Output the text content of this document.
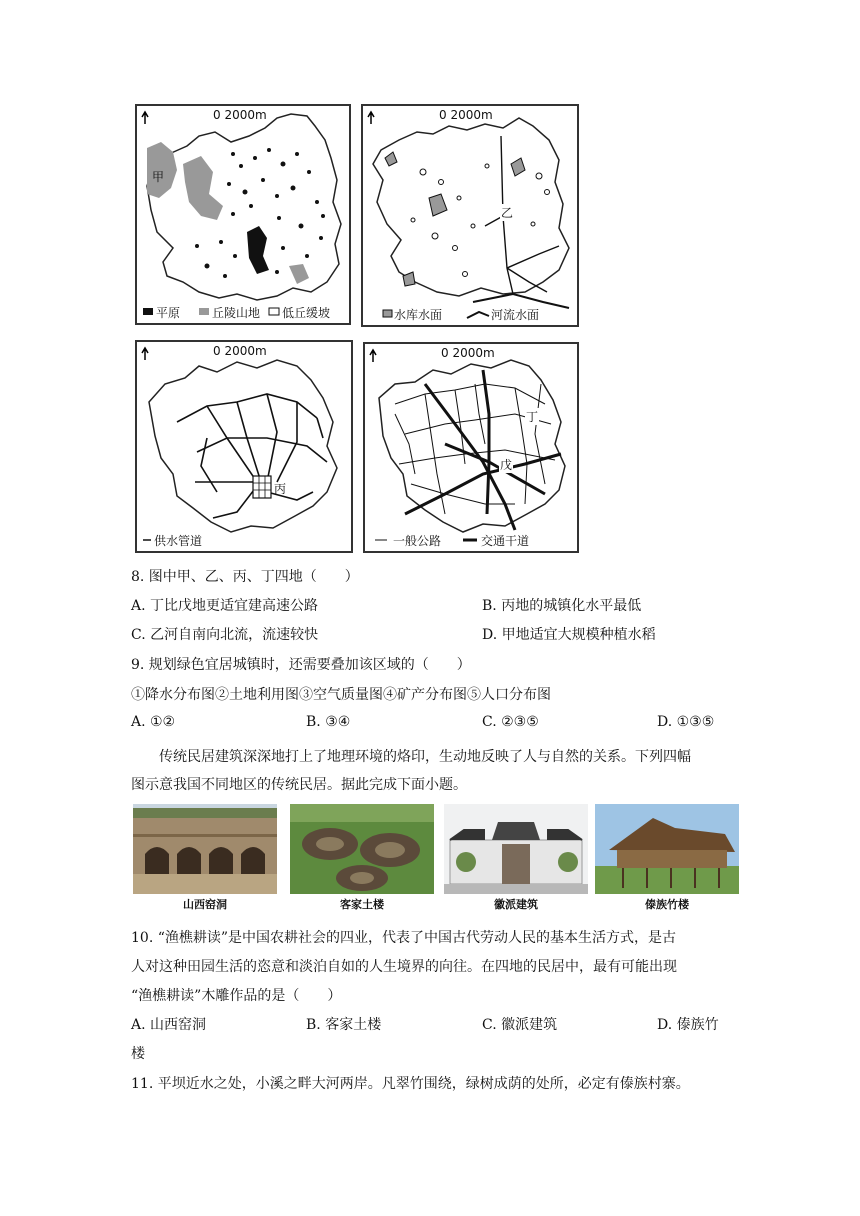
0 2000m
甲
平原	丘陵山地 低丘缓坡
0 2000m
乙
水库水面	河流水面
0 2000m
丙
供水管道
0 2000m
丁
戊
一般公路	交通干道
8. 图中甲、乙、丙、丁四地（　　）
A. 丁比戊地更适宜建高速公路	B. 丙地的城镇化水平最低
C. 乙河自南向北流，流速较快	D. 甲地适宜大规模种植水稻
9. 规划绿色宜居城镇时，还需要叠加该区域的（　　）
①降水分布图②土地利用图③空气质量图④矿产分布图⑤人口分布图
A. ①②	B. ③④	C. ②③⑤	D. ①③⑤
传统民居建筑深深地打上了地理环境的烙印，生动地反映了人与自然的关系。下列四幅
图示意我国不同地区的传统民居。据此完成下面小题。
山西窑洞	客家土楼	徽派建筑	傣族竹楼
10. “渔樵耕读”是中国农耕社会的四业，代表了中国古代劳动人民的基本生活方式，是古
人对这种田园生活的恣意和淡泊自如的人生境界的向往。在四地的民居中，最有可能出现
“渔樵耕读”木雕作品的是（　　）
A. 山西窑洞	B. 客家土楼	C. 徽派建筑	D. 傣族竹
楼
11. 平坝近水之处，小溪之畔大河两岸。凡翠竹围绕，绿树成荫的处所，必定有傣族村寨。
